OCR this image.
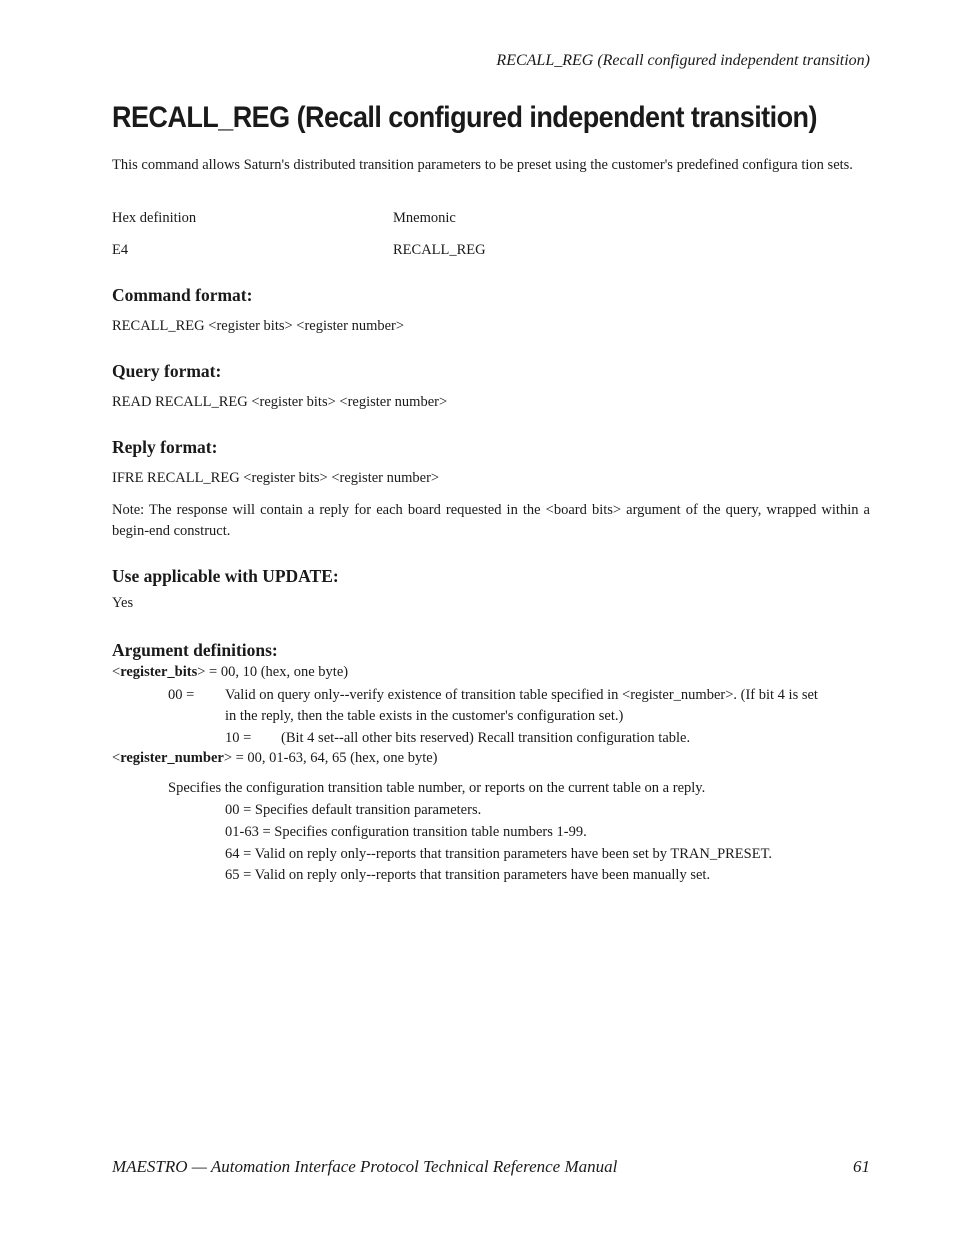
RECALL_REG (Recall configured independent transition)
RECALL_REG (Recall configured independent transition)
This command allows Saturn's distributed transition parameters to be preset using the customer's predefined configura tion sets.
Hex definition	Mnemonic
E4	RECALL_REG
Command format:
RECALL_REG <register bits> <register number>
Query format:
READ RECALL_REG <register bits> <register number>
Reply format:
IFRE RECALL_REG <register bits> <register number>
Note: The response will contain a reply for each board requested in the <board bits> argument of the query, wrapped within a begin-end construct.
Use applicable with UPDATE:
Yes
Argument definitions:
<register_bits> = 00, 10 (hex, one byte)
00 = Valid on query only--verify existence of transition table specified in <register_number>. (If bit 4 is set
in the reply, then the table exists in the customer's configuration set.)
10 = (Bit 4 set--all other bits reserved) Recall transition configuration table.
<register_number> = 00, 01-63, 64, 65 (hex, one byte)
Specifies the configuration transition table number, or reports on the current table on a reply.
00 = Specifies default transition parameters.
01-63 = Specifies configuration transition table numbers 1-99.
64 = Valid on reply only--reports that transition parameters have been set by TRAN_PRESET.
65 = Valid on reply only--reports that transition parameters have been manually set.
MAESTRO — Automation Interface Protocol Technical Reference Manual	61
